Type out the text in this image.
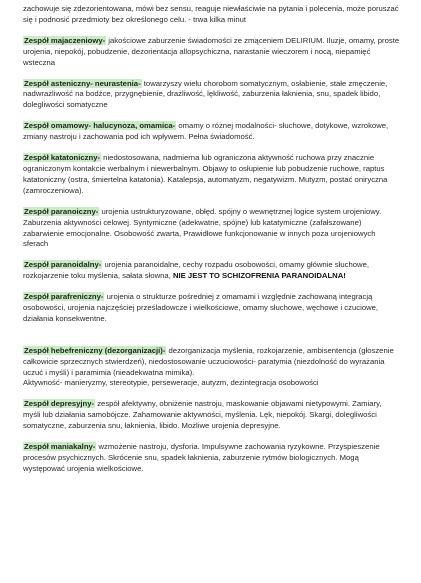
zachowuje się zdezorientowana, mówi bez sensu, reaguje niewłaściwie na pytania i polecenia, może poruszać się i podnosić przedmioty bez określonego celu. - trwa kilka minut

Zespół majaczeniowy- jakościowe zaburzenie świadomości ze zmąceniem DELIRIUM. Iluzje, omamy, proste urojenia, niepokój, pobudzenie, dezorientacja allopsychiczna, narastanie wieczorem i nocą, niepamięć wsteczna

Zespół asteniczny- neurastenia- towarzyszy wielu chorobom somatycznym, osłabienie, stałe zmęczenie, nadwrażliwość na bodźce, przygnębienie, drażliwość, lękliwość, zaburzenia łaknienia, snu, spadek libido, dolegliwości somatyczne

Zespół omamowy- halucynoza, omamica- omamy o różnej modalności- słuchowe, dotykowe, wzrokowe, zmiany nastroju i zachowania pod ich wpływem. Pełna świadomość.

Zespół katatoniczny- niedostosowana, nadmierna lub ograniczona aktywność ruchowa przy znacznie ograniczonym kontakcie werbalnym i niewerbalnym. Objawy to osłupienie lub pobudzenie ruchowe, raptus katatoniczny (ostra, śmiertelna katatonia). Katalepsja, automatyzm, negatywizm. Mutyzm, postać oniryczna (zamroczeniowa).

Zespół paranoiczny- urojenia ustrukturyzowane, obłęd. spójny o wewnętrznej logice system urojeniowy. Zaburzenia aktywności celowej. Syntymiczne (adekwatne, spójne) lub katatymiczne (zafałszowane) zabarwienie emocjonalne. Osobowość zwarta, Prawidłowe funkcjonowanie w innych poza urojeniowych sferach

Zespół paranoidalny- urojenia paranoidalne, cechy rozpadu osobowości, omamy głównie słuchowe, rozkojarzenie toku myślenia, sałata słowna, NIE JEST TO SCHIZOFRENIA PARANOIDALNA!

Zespół parafreniczny- urojenia o strukturze pośredniej z omamami i względnie zachowaną integracją osobowości, urojenia najczęściej prześladowcze i wielkościowe, omamy słuchowe, węchowe i czuciowe, działania konsekwentne.

Zespół hebefreniczny (dezorganizacji)- dezorganizacja myślenia, rozkojarzenie, ambisentencja (głoszenie całkowicie sprzecznych stwierdzeń), niedostosowanie uczuciowości- paratymia (niezdolność do wyrażania uczuć i myśli) i paramimia (nieadekwatna mimika).
Aktywność- manieryzmy, stereotypie, perseweracje, autyzm, dezintegracja osobowości

Zespół depresyjny- zespół afektywny, obniżenie nastroju, maskowanie objawami nietypowymi. Zamiary, myśli lub działania samobójcze. Zahamowanie aktywności, myślenia. Lęk, niepokój. Skargi, dolegliwości somatyczne, zaburzenia snu, łaknienia, libido. Możliwe urojenia depresyjne.

Zespół maniakalny- wzmożenie nastroju, dysforia. Impulsywne zachowania ryzykowne. Przyspieszenie procesów psychicznych. Skrócenie snu, spadek łaknienia, zaburzenie rytmów biologicznych. Mogą występować urojenia wielkościowe.
